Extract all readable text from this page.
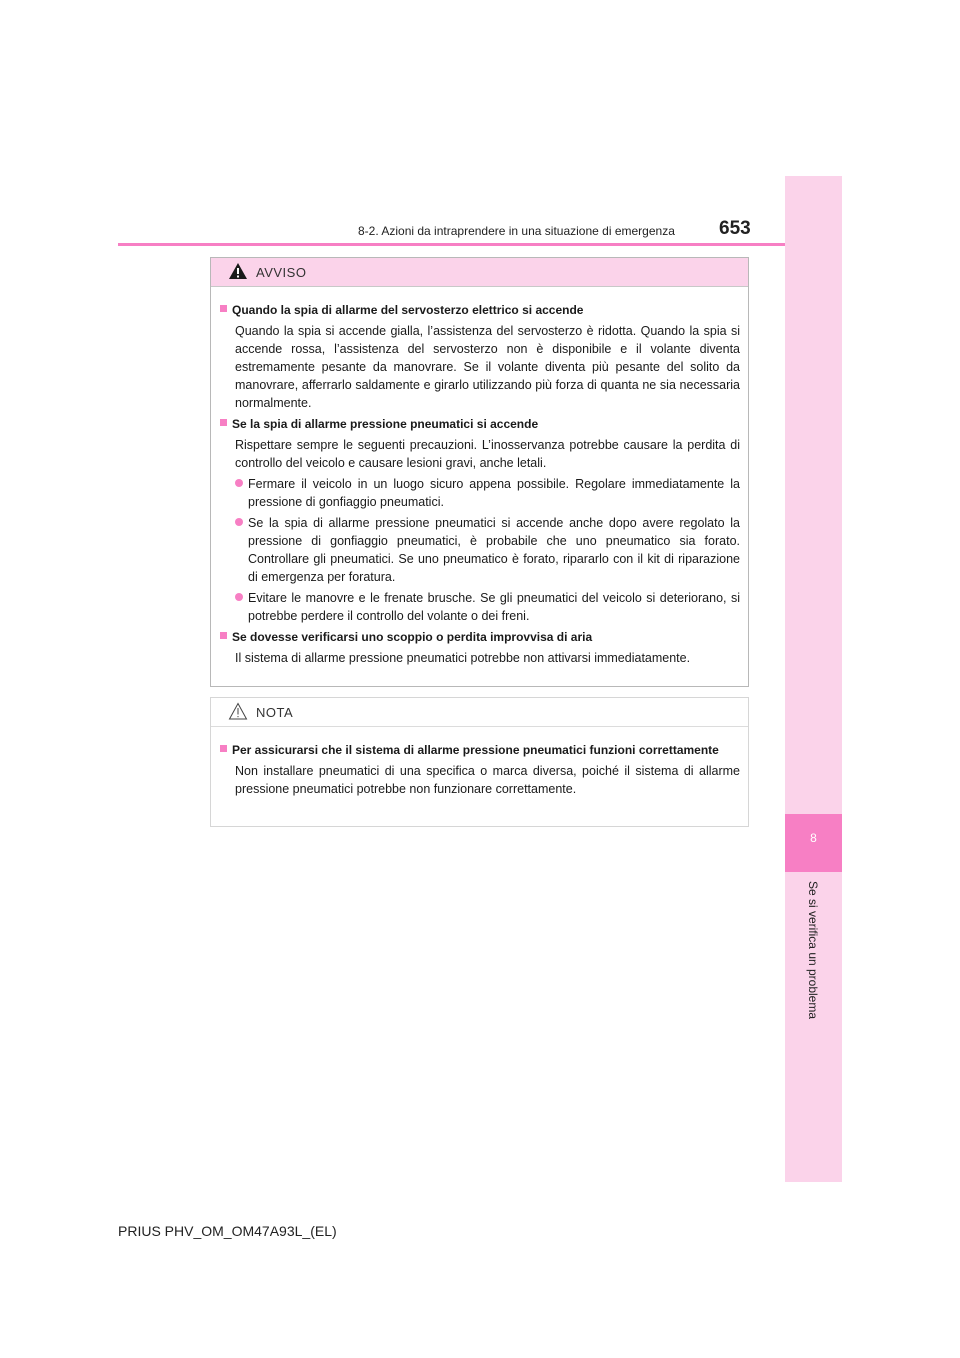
8
Se si verifica un problema
8-2. Azioni da intraprendere in una situazione di emergenza 653
AVVISO
Quando la spia di allarme del servosterzo elettrico si accende
Quando la spia si accende gialla, l’assistenza del servosterzo è ridotta. Quando la spia si accende rossa, l’assistenza del servosterzo non è disponibile e il volante diventa estremamente pesante da manovrare. Se il volante diventa più pesante del solito da manovrare, afferrarlo saldamente e girarlo utilizzando più forza di quanta ne sia necessaria normalmente.
Se la spia di allarme pressione pneumatici si accende
Rispettare sempre le seguenti precauzioni. L’inosservanza potrebbe causare la perdita di controllo del veicolo e causare lesioni gravi, anche letali.
Fermare il veicolo in un luogo sicuro appena possibile. Regolare immediatamente la pressione di gonfiaggio pneumatici.
Se la spia di allarme pressione pneumatici si accende anche dopo avere regolato la pressione di gonfiaggio pneumatici, è probabile che uno pneumatico sia forato. Controllare gli pneumatici. Se uno pneumatico è forato, ripararlo con il kit di riparazione di emergenza per foratura.
Evitare le manovre e le frenate brusche. Se gli pneumatici del veicolo si deteriorano, si potrebbe perdere il controllo del volante o dei freni.
Se dovesse verificarsi uno scoppio o perdita improvvisa di aria
Il sistema di allarme pressione pneumatici potrebbe non attivarsi immediatamente.
NOTA
Per assicurarsi che il sistema di allarme pressione pneumatici funzioni correttamente
Non installare pneumatici di una specifica o marca diversa, poiché il sistema di allarme pressione pneumatici potrebbe non funzionare correttamente.
PRIUS PHV_OM_OM47A93L_(EL)
